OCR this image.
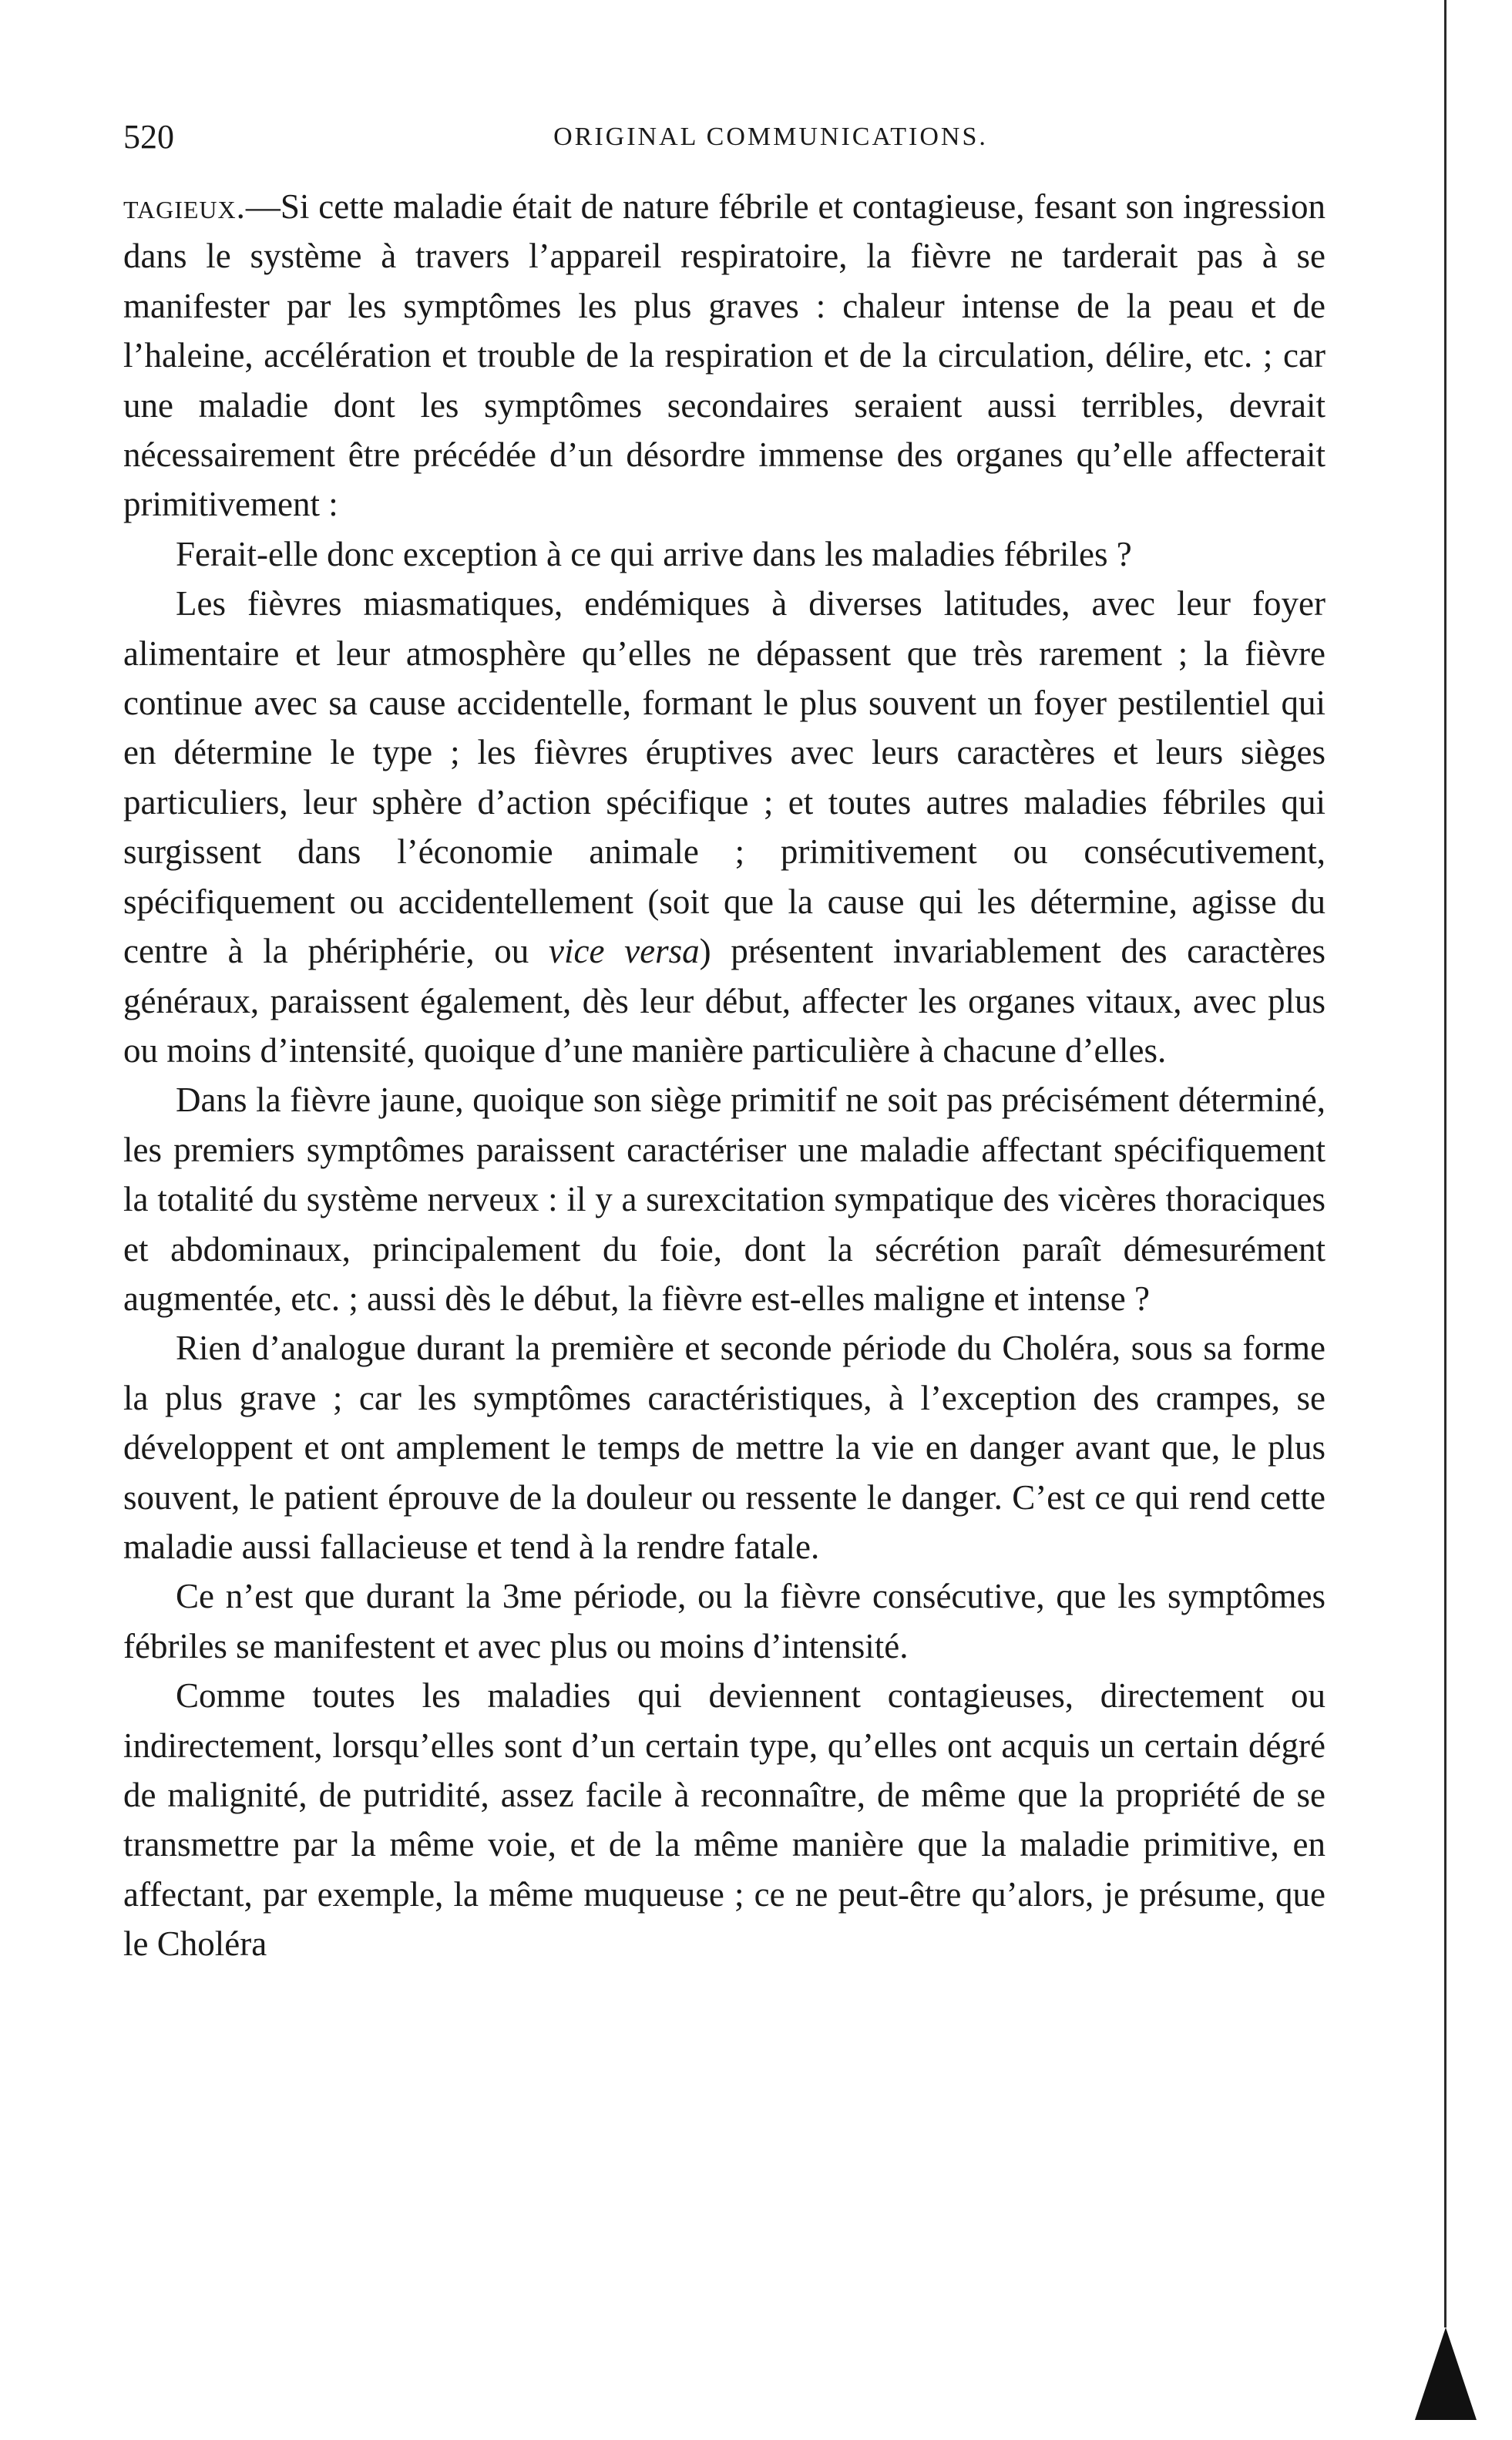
520	ORIGINAL COMMUNICATIONS.

tagieux.—Si cette maladie était de nature fébrile et contagieuse, fesant son ingression dans le système à travers l’appareil respiratoire, la fièvre ne tarderait pas à se manifester par les symptômes les plus graves : chaleur intense de la peau et de l’haleine, accélération et trouble de la respiration et de la circulation, délire, etc. ; car une maladie dont les symptômes secondaires seraient aussi terribles, devrait nécessairement être précédée d’un désordre immense des organes qu’elle affecterait primitivement :

Ferait-elle donc exception à ce qui arrive dans les maladies fébriles ?

Les fièvres miasmatiques, endémiques à diverses latitudes, avec leur foyer alimentaire et leur atmosphère qu’elles ne dépassent que très rarement ; la fièvre continue avec sa cause accidentelle, formant le plus souvent un foyer pestilentiel qui en détermine le type ; les fièvres éruptives avec leurs caractères et leurs sièges particuliers, leur sphère d’action spécifique ; et toutes autres maladies fébriles qui surgissent dans l’économie animale ; primitivement ou consécutivement, spécifiquement ou accidentellement (soit que la cause qui les détermine, agisse du centre à la phériphérie, ou vice versa) présentent invariablement des caractères généraux, paraissent également, dès leur début, affecter les organes vitaux, avec plus ou moins d’intensité, quoique d’une manière particulière à chacune d’elles.

Dans la fièvre jaune, quoique son siège primitif ne soit pas précisément déterminé, les premiers symptômes paraissent caractériser une maladie affectant spécifiquement la totalité du système nerveux : il y a surexcitation sympatique des vicères thoraciques et abdominaux, principalement du foie, dont la sécrétion paraît démesurément augmentée, etc. ; aussi dès le début, la fièvre est-elles maligne et intense ?

Rien d’analogue durant la première et seconde période du Choléra, sous sa forme la plus grave ; car les symptômes caractéristiques, à l’exception des crampes, se développent et ont amplement le temps de mettre la vie en danger avant que, le plus souvent, le patient éprouve de la douleur ou ressente le danger. C’est ce qui rend cette maladie aussi fallacieuse et tend à la rendre fatale.

Ce n’est que durant la 3me période, ou la fièvre consécutive, que les symptômes fébriles se manifestent et avec plus ou moins d’intensité.

Comme toutes les maladies qui deviennent contagieuses, directement ou indirectement, lorsqu’elles sont d’un certain type, qu’elles ont acquis un certain dégré de malignité, de putridité, assez facile à reconnaître, de même que la propriété de se transmettre par la même voie, et de la même manière que la maladie primitive, en affectant, par exemple, la même muqueuse ; ce ne peut-être qu’alors, je présume, que le Choléra
